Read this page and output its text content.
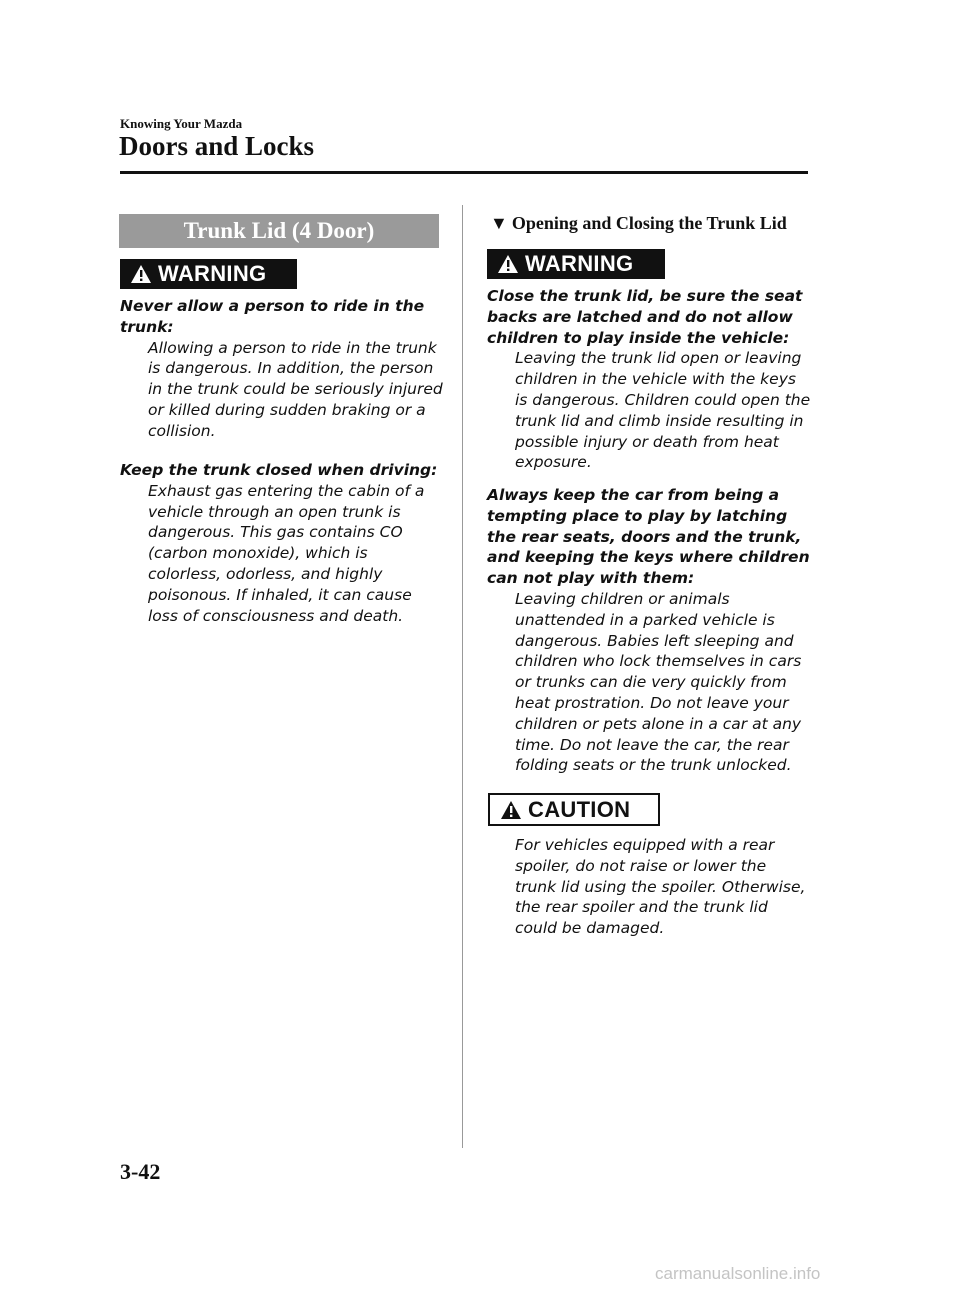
Knowing Your Mazda
Doors and Locks
Trunk Lid (4 Door)
WARNING
Never allow a person to ride in the trunk:
Allowing a person to ride in the trunk is dangerous. In addition, the person in the trunk could be seriously injured or killed during sudden braking or a collision.
Keep the trunk closed when driving:
Exhaust gas entering the cabin of a vehicle through an open trunk is dangerous. This gas contains CO (carbon monoxide), which is colorless, odorless, and highly poisonous. If inhaled, it can cause loss of consciousness and death.
▼ Opening and Closing the Trunk Lid
WARNING
Close the trunk lid, be sure the seat backs are latched and do not allow children to play inside the vehicle:
Leaving the trunk lid open or leaving children in the vehicle with the keys is dangerous. Children could open the trunk lid and climb inside resulting in possible injury or death from heat exposure.
Always keep the car from being a tempting place to play by latching the rear seats, doors and the trunk, and keeping the keys where children can not play with them:
Leaving children or animals unattended in a parked vehicle is dangerous. Babies left sleeping and children who lock themselves in cars or trunks can die very quickly from heat prostration. Do not leave your children or pets alone in a car at any time. Do not leave the car, the rear folding seats or the trunk unlocked.
CAUTION
For vehicles equipped with a rear spoiler, do not raise or lower the trunk lid using the spoiler. Otherwise, the rear spoiler and the trunk lid could be damaged.
3-42
carmanualsonline.info
